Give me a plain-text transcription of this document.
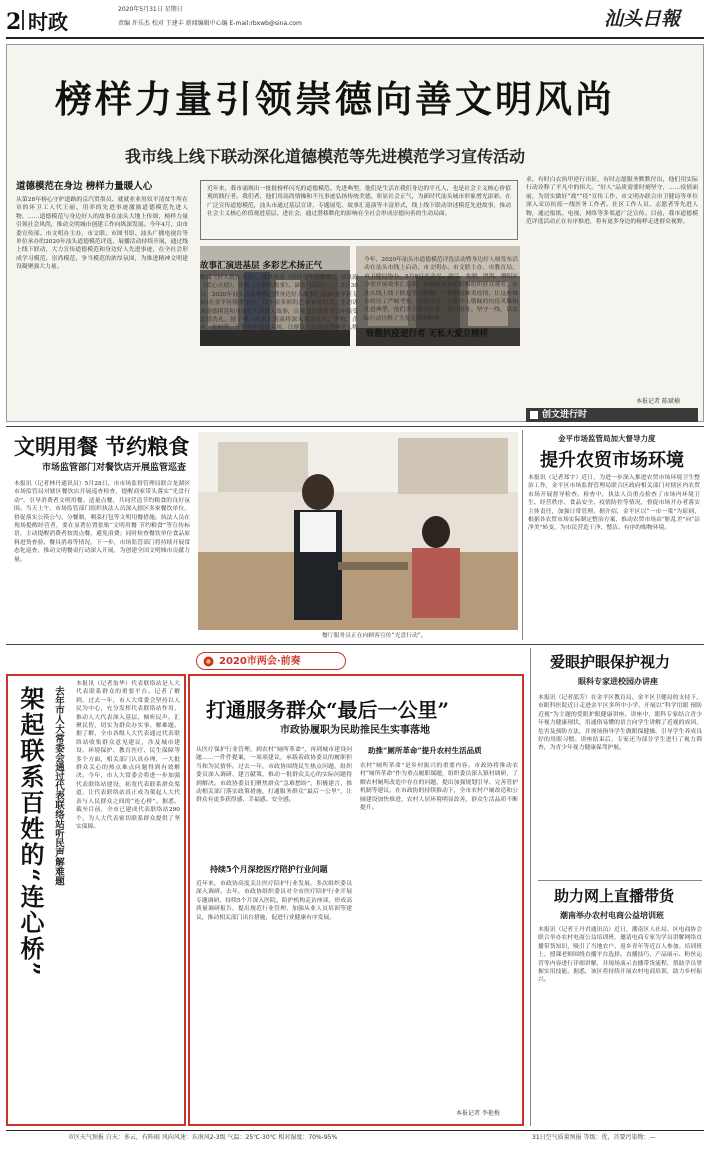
2 时政
2020年5月31日 星期日
责编 许乐杰 校对 王建丰 新闻编辑中心编 E-mail:rbxwb@sina.com	汕头日報
榜样力量引领崇德向善文明风尚
我市线上线下联动深化道德模范等先进模范学习宣传活动
道德模范在身边 榜样力量暖人心
从第28年榜心守护道路的京汽贸墨员、就就业业用奴平清贫牛所在章的环卫工人代王丽、用率的先进事迹激励道德模范先进人物，……道德模范与身边好人的故事在汕头大地上传颂，榜样力量引领社会风尚，推动文明城市创建工作向纵深发展。今年4月，由市委宣传部、市文明办主办，市文联、市图书馆、汕头广播电视台等单位承办的2020年汕头道德模范评选、展播活动持续开展，通过线上线下联动，大力宣传道德模范和身边好人先进事迹，在全社会形成学习模范、崇尚模范、争当模范的浓厚氛围，为推进精神文明建设凝聚强大力量。
近年来，我市涌现出一批批榜样闪光的道德模范、先进典型，他们是生活在我们身边的平凡人，也是社会主义核心价值观的践行者。我们者，他们用高尚情操和不凡事迹弘扬传统美德，彰显社会正气，为新时代汕头城市形象增光添彩。在广泛宣传道德模范，汕头市通过基层宣讲、专题展览、故事汇巡演等丰富形式，线上线下联动讲述模范先进故事，推动社会主义核心价值观进基层、进社会，通过潜移默化的影响在全社会形成崇德向善的生动局面。
故事汇演进基层 多彩艺术扬正气
歌曲《好人就在身边》、歌舞表演《佳佳是个好路警》、情景剧《爱心天使》、快板《小桥头故事》、谚语《苗苗》……5月30日，2020年汕头市道德模范暨身边好人故事汇巡演(金平区专场)在金平区隆重举行，以丰富多彩的艺术表现形式，生动讲述道德模范和身边好人的感人故事，让观众在欣赏节目中接受道德洗礼。据了解，故事汇巡演将深入基层社区、学校、企业、农村等，计划全年巡演多场，让群众近距离感受模范人物的精神力量。	致敬抗疫逆行者 无私大爱立榜样
今年，2020年汕头市道德模范评选活动暨身边好人榜发布活动在汕头市线上启动，市文明办、市文联主办、市教育局、市卫健局协办。5月8日在金平、濠江、龙湖、澄海、潮阳区分别开展故事汇巡演，由各区各单位积极组织群众观看，在汕头线上线下掀起学习热潮。一场新冠肺炎疫情，让这座城市经历了严峻考验，也涌现出一大批令人敬佩的抗疫英雄和先进典型，他们舍小家为大家、逆行出征、坚守一线，以实际行动诠释了大爱无疆的精神。
求，有时白衣执甲逆行出征，有时志愿服务默默付出，他们用实际行动诠释了平凡中的伟大。“好人”品质需要时刻坚守，……疫情面前，为切实做好“战”“疫”宣传工作，市文明办联合市卫健局等单位深入采访抗疫一线医务工作者、社区工作人员、志愿者等先进人物，通过报纸、电视、网络等多渠道广泛宣传。目前，我市道德模范评选活动正在有序推进，将有更多身边的榜样走进群众视野。
本报记者 陈斌楠
创文进行时
文明用餐 节约粮食
市场监管部门对餐饮店开展监管巡查
本报讯（记者林丹通讯员）5月28日，市市场监督管理局联合龙湖区市场监管局对辖区餐饮店开展巡查检查，提醒商家带头落实“光盘行动”，引导消费者文明用餐、适量点餐，共同营造节约粮食的良好氛围。当天上午，市场监管部门组织执法人员深入辖区多家餐饮单位，督促落实公筷公勺、分餐制、剩菜打包等文明用餐措施。执法人员在现场提醒经营者，要在显著位置张贴“文明用餐 节约粮食”等宣传标语，主动提醒消费者按需点餐、避免浪费；同时检查餐饮单位食品原料进货查验、餐具消毒等情况。下一步，市场监管部门将持续开展常态化巡查，推动文明餐桌行动深入开展，为创建全国文明城市贡献力量。
餐厅服务员正在向顾客宣传“光盘行动”。
金平市场监管局加大督导力度
提升农贸市场环境
本报讯（记者郑宇）近日，为进一步深入推进农贸市场环境卫生整治工作，金平区市场监督管理局联合区政府相关部门对辖区内农贸市场开展督导检查。检查中，执法人员重点检查了市场内环境卫生、经营秩序、食品安全、疫情防控等情况，督促市场开办者落实主体责任，加强日常管理。据介绍，金平区以“一市一策”为原则，根据各农贸市场实际制定整治方案，推动农贸市场由“脏乱差”向“洁净美”转变，为市民营造干净、整洁、有序的购物环境。
2020市两会·前奏
架起联系百姓的“连心桥” 去年市人大常委会通过代表联络站听民声解难题
本报讯（记者翁华）代表联络站是人大代表联系群众的重要平台。记者了解到，过去一年，市人大常委会坚持以人民为中心，充分发挥代表联络站作用，推动人大代表深入基层、倾听民声、汇聚民智，切实为群众办实事、解难题。据了解，全市各级人大代表通过代表联络站收集群众意见建议，涉及城市建设、环境保护、教育医疗、民生保障等多个方面，相关部门认真办理，一大批群众关心的热点难点问题得到有效解决。今年，市人大常委会将进一步加强代表联络站建设，拓宽代表联系群众渠道，让代表联络站真正成为架起人大代表与人民群众之间的“连心桥”。据悉，截至目前，全市已建成代表联络站290个，为人大代表密切联系群众提供了坚实保障。
打通服务群众“最后一公里”
市政协履职为民助推民生实事落地
从医疗保护行业管理，到农村“厕所革命”，再到城市建设问题……一件件提案，一项项建议，承载着政协委员的履职担当和为民情怀。过去一年，市政协围绕民生热点问题，组织委员深入调研、建言献策，推动一批群众关心的实际问题得到解决。市政协委员们聚焦群众“急难愁盼”，积极建言，推动相关部门落实政策措施，打通服务群众“最后一公里”，让群众有更多获得感、幸福感、安全感。
持续5个月深挖医疗陪护行业问题
近年来，市政协高度关注医疗陪护行业发展，多次组织委员深入调研。去年，市政协组织委员对全市医疗陪护行业开展专题调研，持续5个月深入医院、陪护机构走访座谈，形成高质量调研报告，提出规范行业管理、加强从业人员培训等建议，推动相关部门出台措施，促进行业健康有序发展。
助推“厕所革命”提升农村生活品质
农村“厕所革命”是乡村振兴的重要内容。市政协将推动农村“厕所革命”作为重点履职课题，组织委员深入镇村调研，了解农村厕所改造中存在的问题，提出加强规划引导、完善管护机制等建议。在市政协的持续推动下，全市农村户厕改造和公厕建设加快推进，农村人居环境明显改善，群众生活品质不断提升。
本报记者 李艳梅
爱眼护眼保护视力
眼科专家进校园办讲座
本报讯（记者邵芳）在金平区教育局、金平区卫健局的支持下，市眼科医院近日走进金平区多所中小学，开展以“科学用眼 预防近视”为主题的爱眼护眼健康讲座。讲座中，眼科专家结合青少年视力健康现状，用通俗易懂的语言向学生讲解了近视的成因、危害及预防方法，并现场指导学生做眼保健操，引导学生养成良好的用眼习惯。讲座结束后，专家还为部分学生进行了视力筛查，为青少年视力健康保驾护航。
助力网上直播带货
潮南举办农村电商公益培训班
本报讯（记者王丹君通讯员）近日，潮南区人社局、区电商协会联合举办农村电商公益培训班，邀请电商专家为学员讲解网络直播带货知识，吸引了当地农户、返乡青年等近百人参加。培训班上，授课老师围绕直播平台选择、直播技巧、产品展示、粉丝运营等内容进行详细讲解，并现场演示直播带货流程，帮助学员掌握实用技能。据悉，该区将持续开展农村电商培训，助力乡村振兴。
市区天气预报 白天：多云，有阵雨 风向风速：东南风2-3级 气温：25℃-30℃ 相对湿度：70%-95%	31日空气质量预报 等级：优，首要污染物：—
